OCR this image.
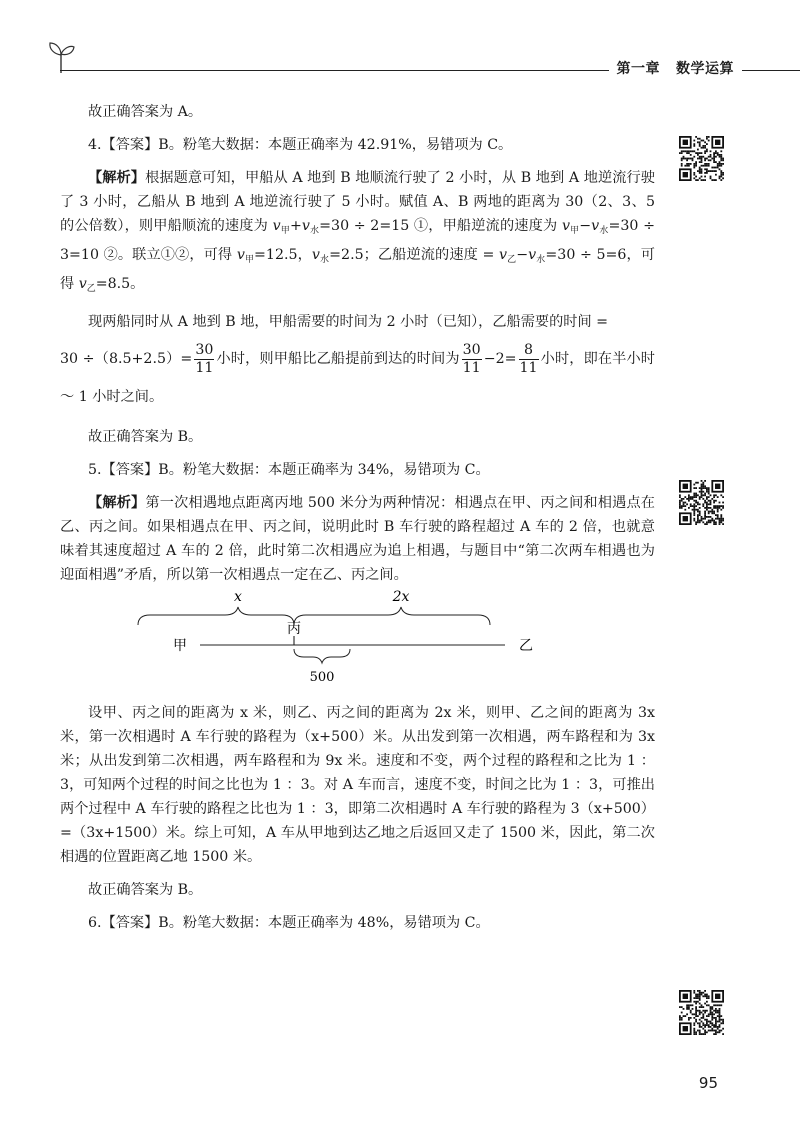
第一章 数学运算

故正确答案为 A。

4.【答案】B。粉笔大数据：本题正确率为 42.91%，易错项为 C。

【解析】根据题意可知，甲船从 A 地到 B 地顺流行驶了 2 小时，从 B 地到 A 地逆流行驶了 3 小时，乙船从 B 地到 A 地逆流行驶了 5 小时。赋值 A、B 两地的距离为 30（2、3、5 的公倍数），则甲船顺流的速度为 $v_甲+v_水=30 \div 2=15$ ①，甲船逆流的速度为 $v_甲-v_水=30 \div 3=10$ ②。联立①②，可得 $v_甲=12.5$，$v_水=2.5$；乙船逆流的速度 = $v_乙-v_水=30 \div 5=6$，可得 $v_乙=8.5$。

现两船同时从 A 地到 B 地，甲船需要的时间为 2 小时（已知），乙船需要的时间 =

$30 \div(8.5+2.5)= \frac{30}{11}$ 小时，则甲船比乙船提前到达的时间为 $\frac{30}{11} -2= \frac{8}{11}$ 小时，即在半小时～ 1 小时之间。

故正确答案为 B。

5.【答案】B。粉笔大数据：本题正确率为 34%，易错项为 C。

【解析】第一次相遇地点距离丙地 500 米分为两种情况：相遇点在甲、丙之间和相遇点在乙、丙之间。如果相遇点在甲、丙之间，说明此时 B 车行驶的路程超过 A 车的 2 倍，也就意味着其速度超过 A 车的 2 倍，此时第二次相遇应为追上相遇，与题目中“第二次两车相遇也为迎面相遇”矛盾，所以第一次相遇点一定在乙、丙之间。

x	2x
丙
甲	乙
500

设甲、丙之间的距离为 x 米，则乙、丙之间的距离为 2x 米，则甲、乙之间的距离为 3x 米，第一次相遇时 A 车行驶的路程为（x+500）米。从出发到第一次相遇，两车路程和为 3x 米；从出发到第二次相遇，两车路程和为 9x 米。速度和不变，两个过程的路程和之比为 1 ：3，可知两个过程的时间之比也为 1 ：3。对 A 车而言，速度不变，时间之比为 1 ：3，可推出两个过程中 A 车行驶的路程之比也为 1 ：3，即第二次相遇时 A 车行驶的路程为 3（x+500）=（3x+1500）米。综上可知，A 车从甲地到达乙地之后返回又走了 1500 米，因此，第二次相遇的位置距离乙地 1500 米。

故正确答案为 B。

6.【答案】B。粉笔大数据：本题正确率为 48%，易错项为 C。

95
